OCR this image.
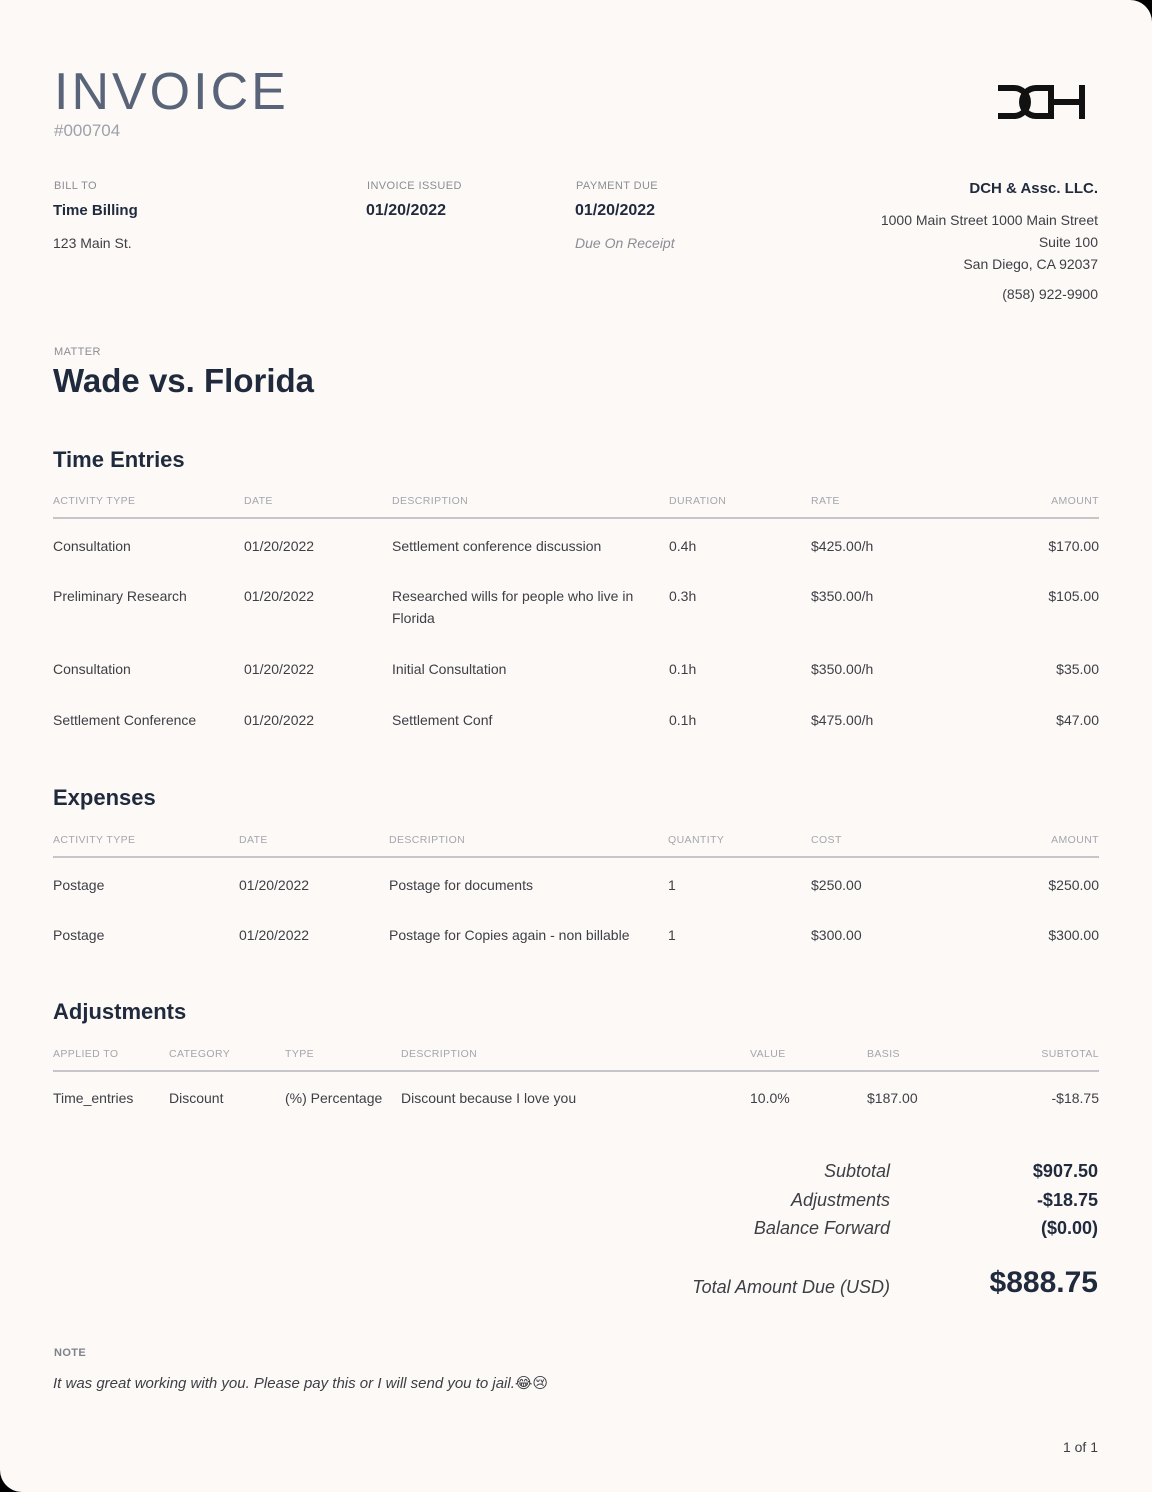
INVOICE
#000704
BILL TO
Time Billing
123 Main St.
INVOICE ISSUED
01/20/2022
PAYMENT DUE
01/20/2022
Due On Receipt
DCH & Assc. LLC.
1000 Main Street 1000 Main Street
Suite 100
San Diego, CA 92037
(858) 922-9900
MATTER
Wade vs. Florida
Time Entries
ACTIVITY TYPE	DATE	DESCRIPTION	DURATION	RATE	AMOUNT
Consultation	01/20/2022	Settlement conference discussion	0.4h	$425.00/h	$170.00
Preliminary Research	01/20/2022	Researched wills for people who live in Florida	0.3h	$350.00/h	$105.00
Consultation	01/20/2022	Initial Consultation	0.1h	$350.00/h	$35.00
Settlement Conference	01/20/2022	Settlement Conf	0.1h	$475.00/h	$47.00
Expenses
ACTIVITY TYPE	DATE	DESCRIPTION	QUANTITY	COST	AMOUNT
Postage	01/20/2022	Postage for documents	1	$250.00	$250.00
Postage	01/20/2022	Postage for Copies again - non billable	1	$300.00	$300.00
Adjustments
APPLIED TO	CATEGORY	TYPE	DESCRIPTION	VALUE	BASIS	SUBTOTAL
Time_entries	Discount	(%) Percentage	Discount because I love you	10.0%	$187.00	-$18.75
Subtotal	$907.50
Adjustments	-$18.75
Balance Forward	($0.00)
Total Amount Due (USD)	$888.75
NOTE
It was great working with you. Please pay this or I will send you to jail.😂😢
1 of 1
